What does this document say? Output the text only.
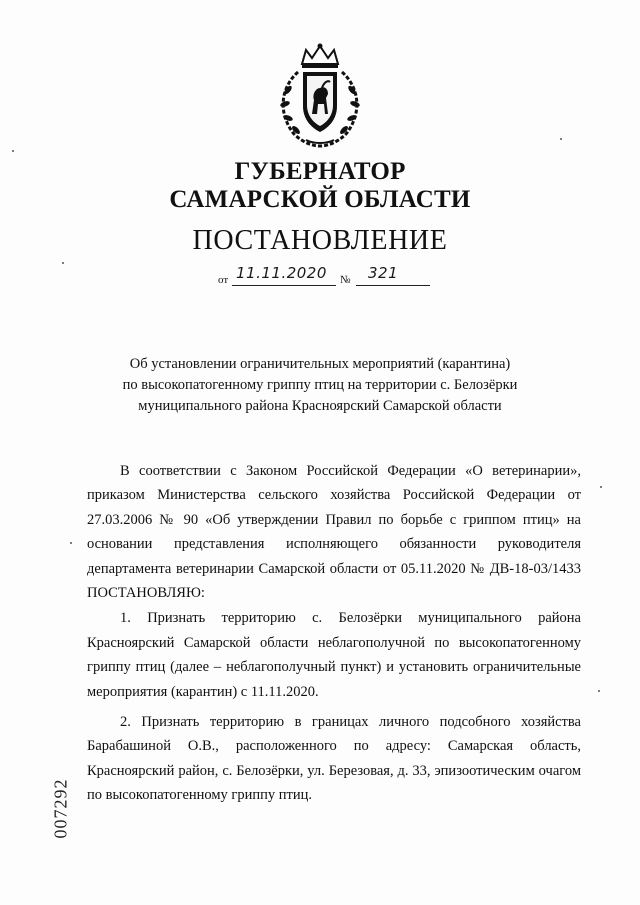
ГУБЕРНАТОР
САМАРСКОЙ ОБЛАСТИ
ПОСТАНОВЛЕНИЕ
от 11.11.2020 № 321
Об установлении ограничительных мероприятий (карантина)
по высокопатогенному гриппу птиц на территории с. Белозёрки
муниципального района Красноярский Самарской области

В соответствии с Законом Российской Федерации «О ветеринарии», приказом Министерства сельского хозяйства Российской Федерации от 27.03.2006 № 90 «Об утверждении Правил по борьбе с гриппом птиц» на основании представления исполняющего обязанности руководителя департамента ветеринарии Самарской области от 05.11.2020 № ДВ-18-03/1433 ПОСТАНОВЛЯЮ:

1. Признать территорию с. Белозёрки муниципального района Красноярский Самарской области неблагополучной по высокопатогенному гриппу птиц (далее – неблагополучный пункт) и установить ограничительные мероприятия (карантин) с 11.11.2020.

2. Признать территорию в границах личного подсобного хозяйства Барабашиной О.В., расположенного по адресу: Самарская область, Красноярский район, с. Белозёрки, ул. Березовая, д. 33, эпизоотическим очагом по высокопатогенному гриппу птиц.

007292
